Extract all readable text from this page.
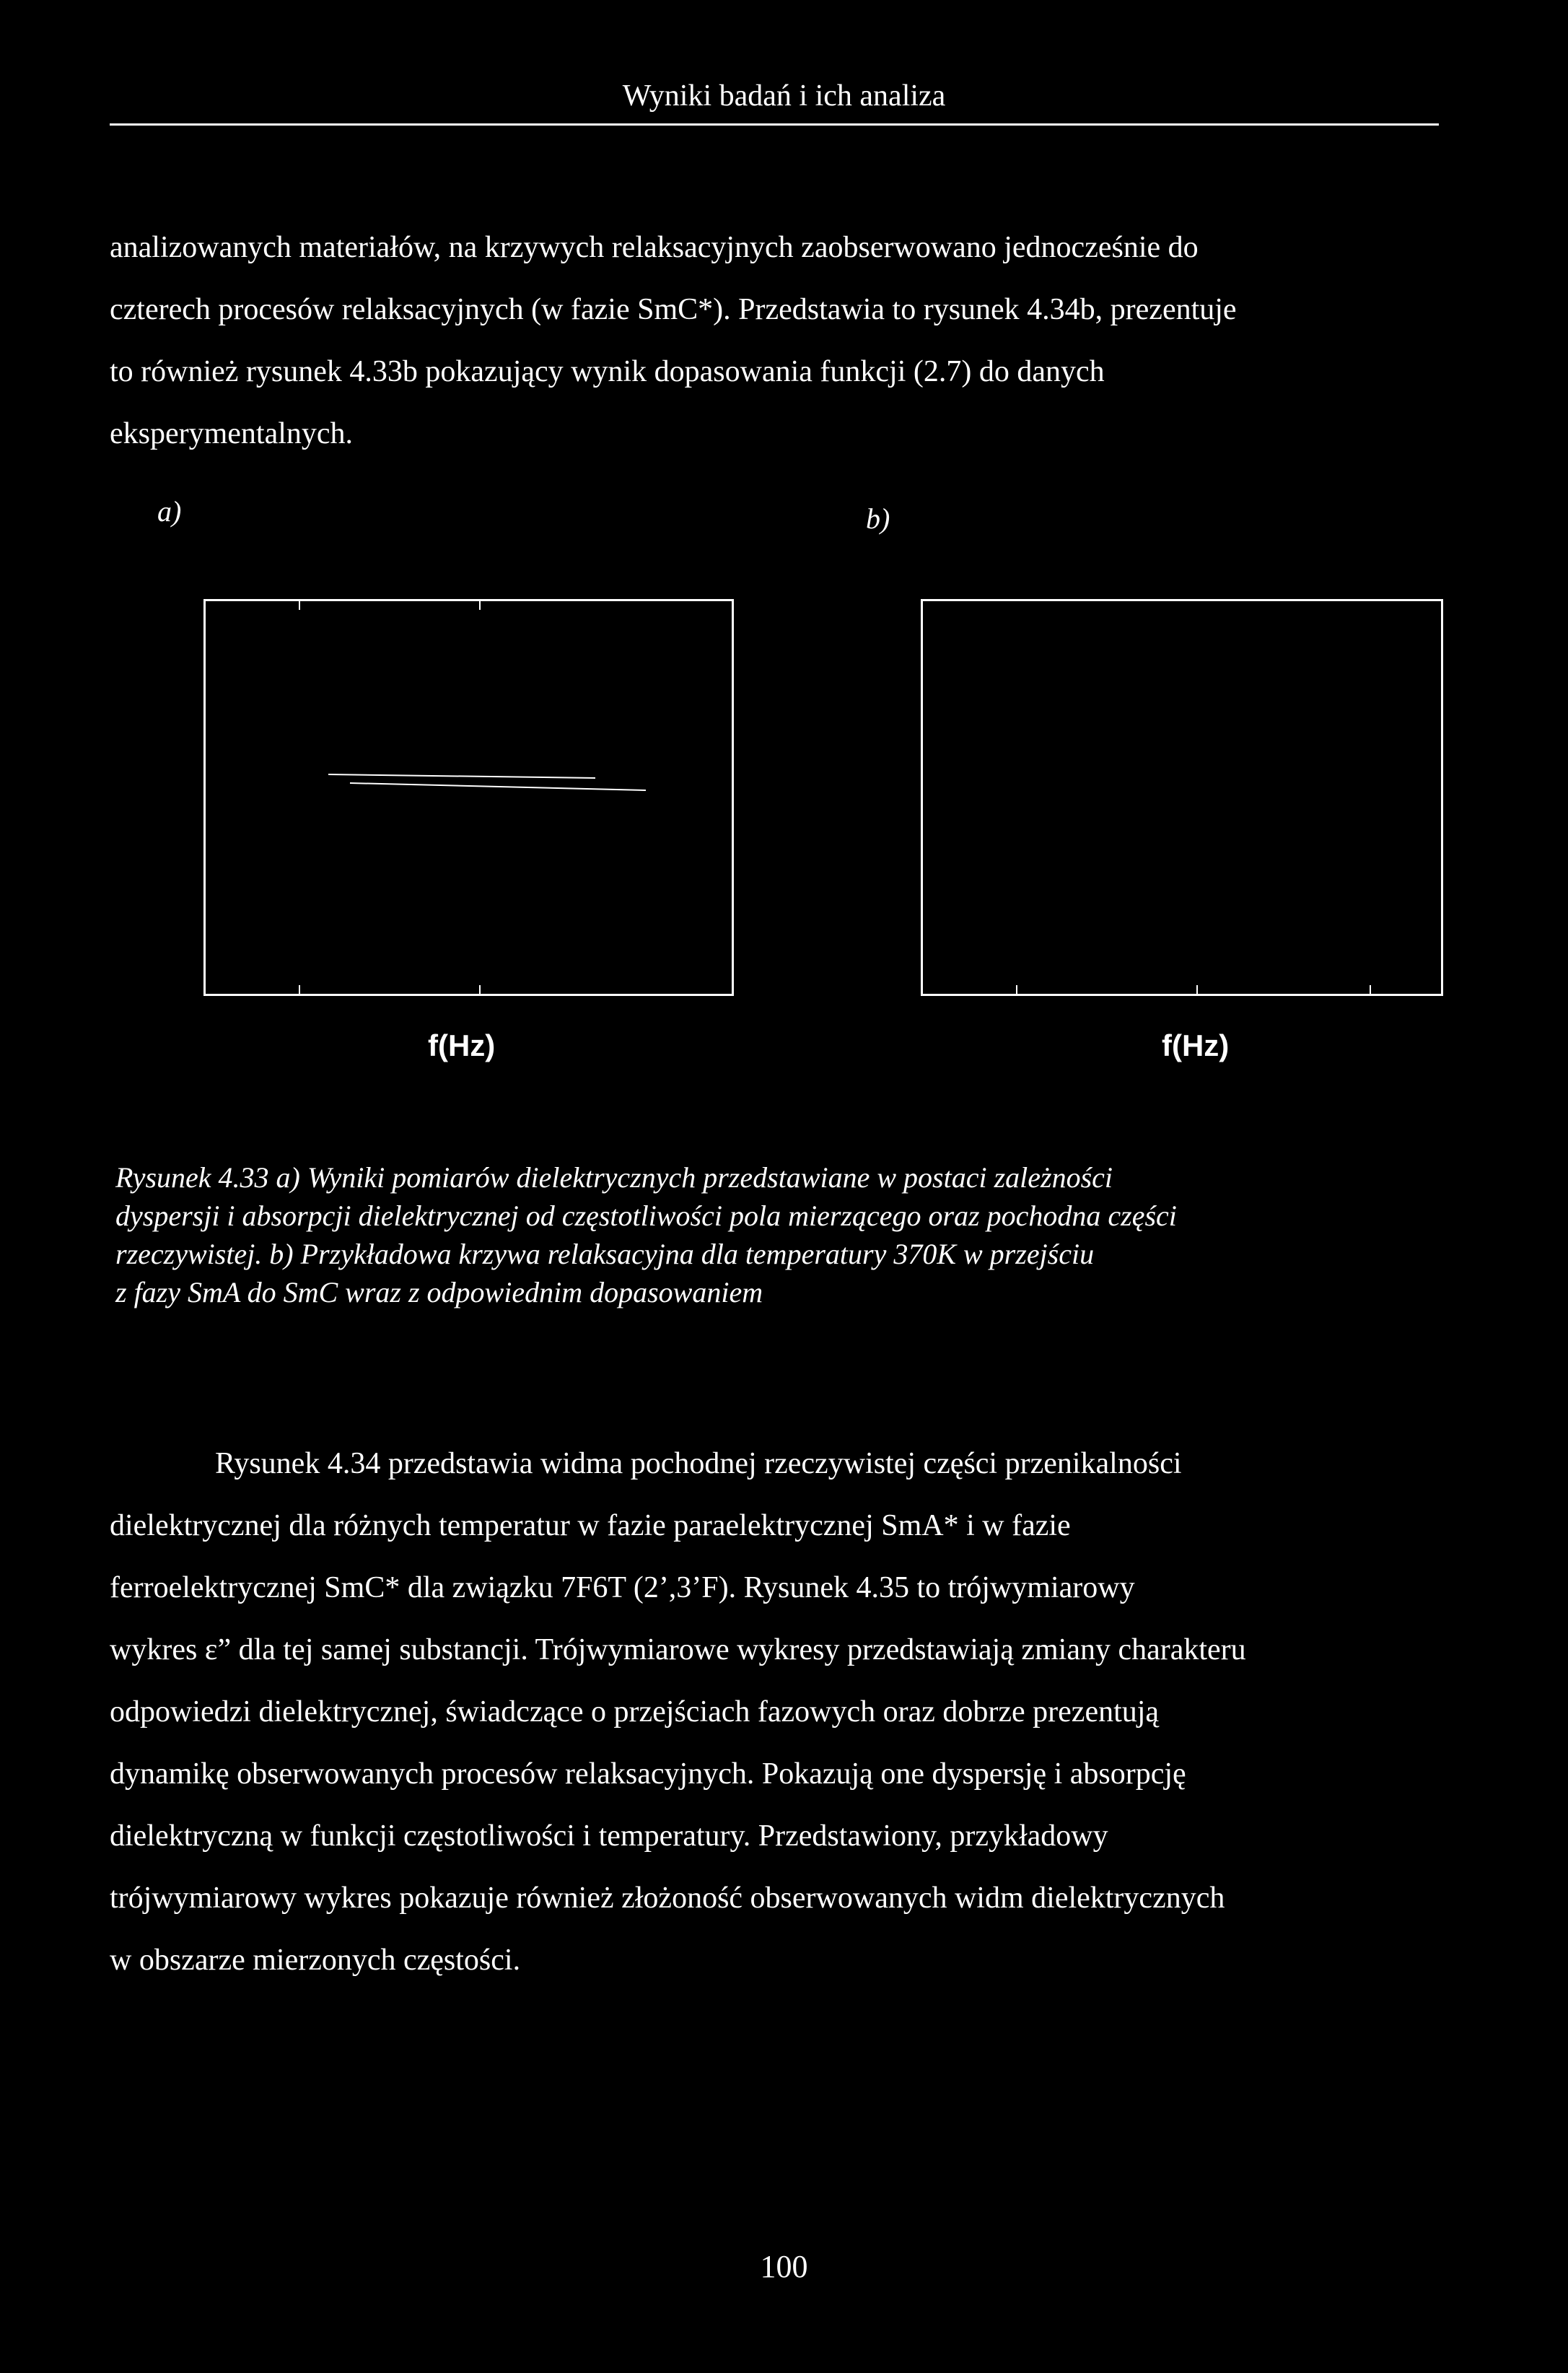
Wyniki badań i ich analiza

analizowanych materiałów, na krzywych relaksacyjnych zaobserwowano jednocześnie do

czterech procesów relaksacyjnych (w fazie SmC*). Przedstawia to rysunek 4.34b, prezentuje

to również rysunek 4.33b pokazujący wynik dopasowania funkcji (2.7) do danych

eksperymentalnych.

a)	b)
f(Hz)	f(Hz)

Rysunek 4.33 a) Wyniki pomiarów dielektrycznych przedstawiane w postaci zależności

dyspersji i absorpcji dielektrycznej od częstotliwości pola mierzącego oraz pochodna części

rzeczywistej. b) Przykładowa krzywa relaksacyjna dla temperatury 370K w przejściu

z fazy SmA do SmC wraz z odpowiednim dopasowaniem

Rysunek 4.34 przedstawia widma pochodnej rzeczywistej części przenikalności

dielektrycznej dla różnych temperatur w fazie paraelektrycznej SmA* i w fazie

ferroelektrycznej SmC* dla związku 7F6T (2’,3’F). Rysunek 4.35 to trójwymiarowy

wykres ε” dla tej samej substancji. Trójwymiarowe wykresy przedstawiają zmiany charakteru

odpowiedzi dielektrycznej, świadczące o przejściach fazowych oraz dobrze prezentują

dynamikę obserwowanych procesów relaksacyjnych. Pokazują one dyspersję i absorpcję

dielektryczną w funkcji częstotliwości i temperatury. Przedstawiony, przykładowy

trójwymiarowy wykres pokazuje również złożoność obserwowanych widm dielektrycznych

w obszarze mierzonych częstości.

100
